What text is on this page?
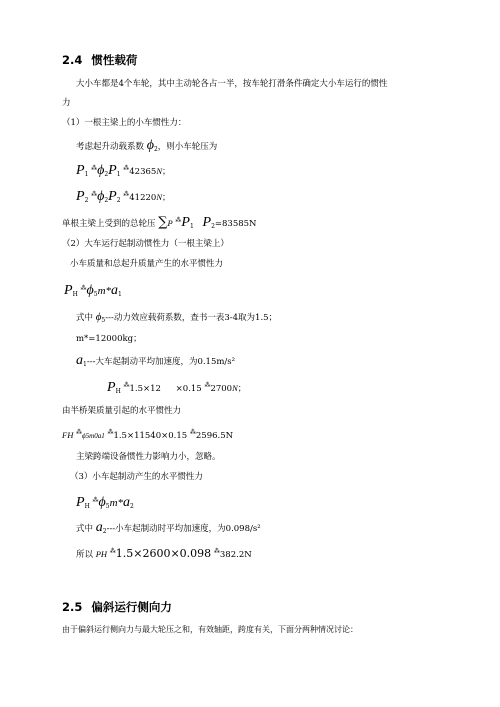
2.4 惯性载荷
大小车都是4个车轮，其中主动轮各占一半，按车轮打滑条件确定大小车运行的惯性
力
（1）一根主梁上的小车惯性力：
考虑起升动载系数 $\phi_2$，则小车轮压为
$P_1$ $^⁂\phi_2P_1$ ⁂42365N；
$P_2$ $^⁂\phi_2P_2$ ⁂41220N；
单根主梁上受到的总轮压 ∑P $^⁂P_1$ $P_2=83585N$
（2）大车运行起制动惯性力（一根主梁上）
小车质量和总起升质量产生的水平惯性力
$P_H$ $^⁂\phi_5m*a_1$
式中 $\phi_5---$动力效应载荷系数，查书一表3-4取为1.5；
m*=12000kg；
$a_1---$大车起制动平均加速度，为0.15m/s²
$P_H$ ⁂1.5×12 ×0.15 ⁂2700N；
由半桥架质量引起的水平惯性力
FH ⁂ϕ5m0a1 ⁂1.5×11540×0.15 ⁂2596.5N
主梁跨端设备惯性力影响力小，忽略。
（3）小车起制动产生的水平惯性力
$P_H$ $^⁂\phi_5m*a_2$
式中 $a_2---$小车起制动时平均加速度，为0.098/s²
所以 PH ⁂1.5×2600×0.098 ⁂382.2N
2.5 偏斜运行侧向力
由于偏斜运行侧向力与最大轮压之和，有效轴距，跨度有关，下面分两种情况讨论：
